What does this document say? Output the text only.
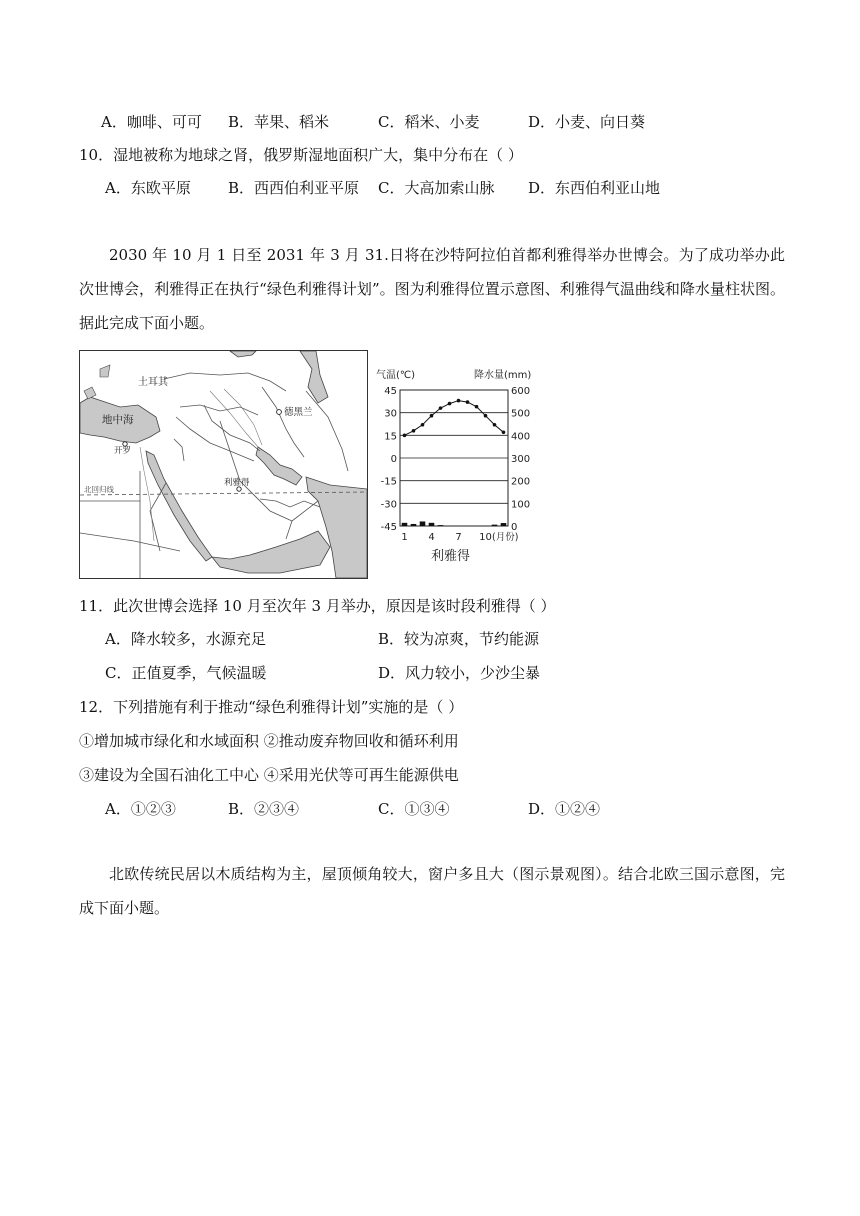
A．咖啡、可可 B．苹果、稻米	C．稻米、小麦	D．小麦、向日葵
10．湿地被称为地球之肾，俄罗斯湿地面积广大，集中分布在（ ）
A．东欧平原 B．西西伯利亚平原 C．大高加索山脉 D．东西伯利亚山地
2030 年 10 月 1 日至 2031 年 3 月 31.日将在沙特阿拉伯首都利雅得举办世博会。为了成功举办此次世博会，利雅得正在执行“绿色利雅得计划”。图为利雅得位置示意图、利雅得气温曲线和降水量柱状图。据此完成下面小题。
土耳其
地中海
德黑兰
开罗
利雅得
北回归线
气温(℃)	降水量(mm)
45	600
30	500
15	400
0	300
-15	200
-30	100
-45	0
1 4 7 10 (月份)
利雅得
11．此次世博会选择 10 月至次年 3 月举办，原因是该时段利雅得（ ）
A．降水较多，水源充足	B．较为凉爽，节约能源
C．正值夏季，气候温暖	D．风力较小，少沙尘暴
12．下列措施有利于推动“绿色利雅得计划”实施的是（ ）
①增加城市绿化和水域面积 ②推动废弃物回收和循环利用
③建设为全国石油化工中心 ④采用光伏等可再生能源供电
A．①②③	B．②③④	C．①③④	D．①②④
北欧传统民居以木质结构为主，屋顶倾角较大，窗户多且大（图示景观图）。结合北欧三国示意图，完成下面小题。
